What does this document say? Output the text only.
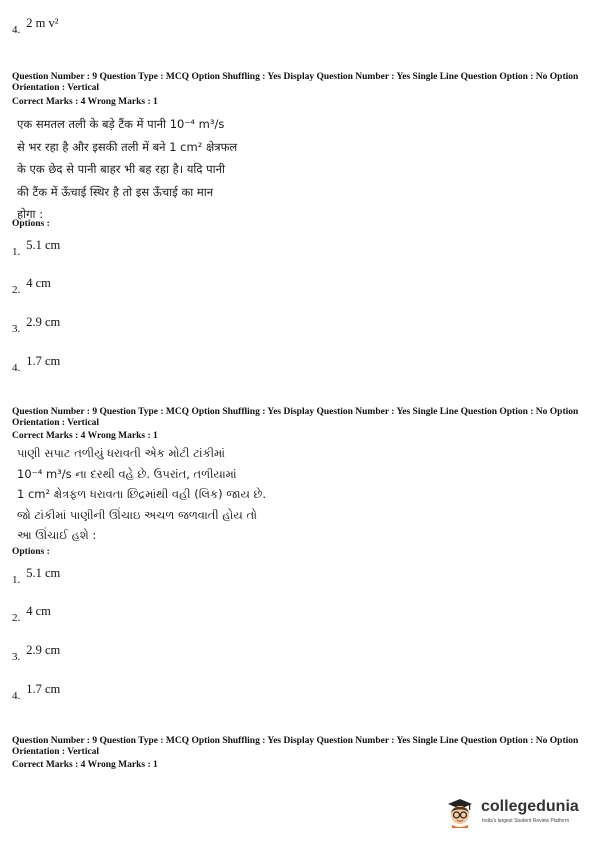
$_{4.}$ 2 m v²
Question Number : 9 Question Type : MCQ Option Shuffling : Yes Display Question Number : Yes Single Line Question Option : No Option Orientation : Vertical
Correct Marks : 4 Wrong Marks : 1
एक समतल तली के बड़े टैंक में पानी 10⁻⁴ m³/s
से भर रहा है और इसकी तली में बने 1 cm² क्षेत्रफल
के एक छेद से पानी बाहर भी बह रहा है। यदि पानी
की टैंक में ऊँचाई स्थिर है तो इस ऊँचाई का मान
होगा :
Options :
$_{1.}$ 5.1 cm
$_{2.}$ 4 cm
$_{3.}$ 2.9 cm
$_{4.}$ 1.7 cm
Question Number : 9 Question Type : MCQ Option Shuffling : Yes Display Question Number : Yes Single Line Question Option : No Option Orientation : Vertical
Correct Marks : 4 Wrong Marks : 1
પાણી સપાટ તળીયું ધરાવતી એક મોટી ટાંકીમાં
10⁻⁴ m³/s ના દરથી વહે છે. ઉપરાંત, તળીયામાં
1 cm² ક્ષેત્રફળ ધરાવતા છિદ્રમાંથી વહી (લિક) જાય છે.
જો ટાંકીમાં પાણીની ઊંચાઇ અચળ જળવાતી હોય તો
આ ઊંચાઈ હશે :
Options :
$_{1.}$ 5.1 cm
$_{2.}$ 4 cm
$_{3.}$ 2.9 cm
$_{4.}$ 1.7 cm
Question Number : 9 Question Type : MCQ Option Shuffling : Yes Display Question Number : Yes Single Line Question Option : No Option Orientation : Vertical
Correct Marks : 4 Wrong Marks : 1
collegedunia
India's largest Student Review Platform
